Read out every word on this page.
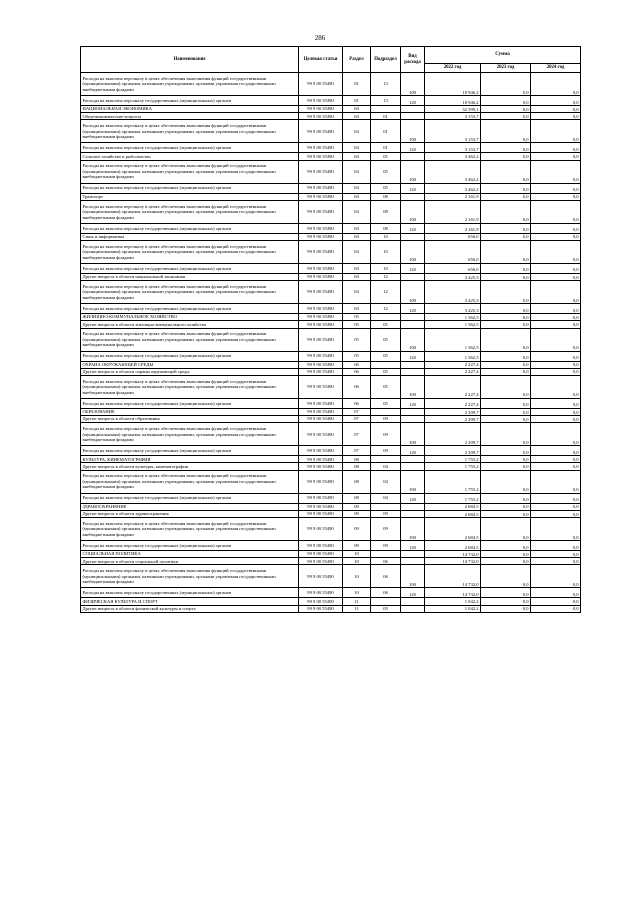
286
Наименование	Целевая статья	Раздел	Подраздел	Вид расхода	Сумма		
					2022 год	2023 год	2024 год
Расходы на выплаты персоналу в целях обеспечения выполнения функций государственными (муниципальными) органами, казенными учреждениями, органами управления государственными внебюджетными фондами	99 9 00 55490	01	13	100	10 946,2	0,0	0,0
Расходы на выплаты персоналу государственных (муниципальных) органов	99 9 00 55490	01	13	120	10 946,2	0,0	0,0
НАЦИОНАЛЬНАЯ ЭКОНОМИКА	99 9 00 55490	04			32 599,1	0,0	0,0
Общеэкономические вопросы	99 9 00 55490	04	01		3 153,7	0,0	0,0
Расходы на выплаты персоналу в целях обеспечения выполнения функций государственными (муниципальными) органами, казенными учреждениями, органами управления государственными внебюджетными фондами	99 9 00 55490	04	01	100	3 153,7	0,0	0,0
Расходы на выплаты персоналу государственных (муниципальных) органов	99 9 00 55490	04	01	120	3 153,7	0,0	0,0
Сельское хозяйство и рыболовство	99 9 00 55490	04	05		3 462,2	0,0	0,0
Расходы на выплаты персоналу в целях обеспечения выполнения функций государственными (муниципальными) органами, казенными учреждениями, органами управления государственными внебюджетными фондами	99 9 00 55490	04	05	100	3 462,2	0,0	0,0
Расходы на выплаты персоналу государственных (муниципальных) органов	99 9 00 55490	04	05	120	3 462,2	0,0	0,0
Транспорт	99 9 00 55490	04	08		2 161,9	0,0	0,0
Расходы на выплаты персоналу в целях обеспечения выполнения функций государственными (муниципальными) органами, казенными учреждениями, органами управления государственными внебюджетными фондами	99 9 00 55490	04	08	100	2 161,9	0,0	0,0
Расходы на выплаты персоналу государственных (муниципальных) органов	99 9 00 55490	04	08	120	2 161,9	0,0	0,0
Связь и информатика	99 9 00 55490	04	10		656,0	0,0	0,0
Расходы на выплаты персоналу в целях обеспечения выполнения функций государственными (муниципальными) органами, казенными учреждениями, органами управления государственными внебюджетными фондами	99 9 00 55490	04	10	100	656,0	0,0	0,0
Расходы на выплаты персоналу государственных (муниципальных) органов	99 9 00 55490	04	10	120	656,0	0,0	0,0
Другие вопросы в области национальной экономики	99 9 00 55490	04	12		3 425,3	0,0	0,0
Расходы на выплаты персоналу в целях обеспечения выполнения функций государственными (муниципальными) органами, казенными учреждениями, органами управления государственными внебюджетными фондами	99 9 00 55490	04	12	100	3 425,3	0,0	0,0
Расходы на выплаты персоналу государственных (муниципальных) органов	99 9 00 55490	04	12	120	3 425,3	0,0	0,0
ЖИЛИЩНО-КОММУНАЛЬНОЕ ХОЗЯЙСТВО	99 9 00 55490	05			1 362,5	0,0	0,0
Другие вопросы в области жилищно-коммунального хозяйства	99 9 00 55490	05	05		1 362,5	0,0	0,0
Расходы на выплаты персоналу в целях обеспечения выполнения функций государственными (муниципальными) органами, казенными учреждениями, органами управления государственными внебюджетными фондами	99 9 00 55490	05	05	100	1 362,5	0,0	0,0
Расходы на выплаты персоналу государственных (муниципальных) органов	99 9 00 55490	05	05	120	1 362,5	0,0	0,0
ОХРАНА ОКРУЖАЮЩЕЙ СРЕДЫ	99 9 00 55490	06			2 227,4	0,0	0,0
Другие вопросы в области охраны окружающей среды	99 9 00 55490	06	05		2 227,4	0,0	0,0
Расходы на выплаты персоналу в целях обеспечения выполнения функций государственными (муниципальными) органами, казенными учреждениями, органами управления государственными внебюджетными фондами	99 9 00 55490	06	05	100	2 227,4	0,0	0,0
Расходы на выплаты персоналу государственных (муниципальных) органов	99 9 00 55490	06	05	120	2 227,4	0,0	0,0
ОБРАЗОВАНИЕ	99 9 00 55490	07			2 299,7	0,0	0,0
Другие вопросы в области образования	99 9 00 55490	07	09		2 299,7	0,0	0,0
Расходы на выплаты персоналу в целях обеспечения выполнения функций государственными (муниципальными) органами, казенными учреждениями, органами управления государственными внебюджетными фондами	99 9 00 55490	07	09	100	2 299,7	0,0	0,0
Расходы на выплаты персоналу государственных (муниципальных) органов	99 9 00 55490	07	09	120	2 299,7	0,0	0,0
КУЛЬТУРА, КИНЕМАТОГРАФИЯ	99 9 00 55490	08			1 755,2	0,0	0,0
Другие вопросы в области культуры, кинематографии	99 9 00 55490	08	04		1 755,2	0,0	0,0
Расходы на выплаты персоналу в целях обеспечения выполнения функций государственными (муниципальными) органами, казенными учреждениями, органами управления государственными внебюджетными фондами	99 9 00 55490	08	04	100	1 755,2	0,0	0,0
Расходы на выплаты персоналу государственных (муниципальных) органов	99 9 00 55490	08	04	120	1 755,2	0,0	0,0
ЗДРАВООХРАНЕНИЕ	99 9 00 55490	09			2 684,5	0,0	0,0
Другие вопросы в области здравоохранения	99 9 00 55490	09	09		2 684,5	0,0	0,0
Расходы на выплаты персоналу в целях обеспечения выполнения функций государственными (муниципальными) органами, казенными учреждениями, органами управления государственными внебюджетными фондами	99 9 00 55490	09	09	100	2 684,5	0,0	0,0
Расходы на выплаты персоналу государственных (муниципальных) органов	99 9 00 55490	09	09	120	2 684,5	0,0	0,0
СОЦИАЛЬНАЯ ПОЛИТИКА	99 9 00 55490	10			14 732,0	0,0	0,0
Другие вопросы в области социальной политики	99 9 00 55490	10	06		14 732,0	0,0	0,0
Расходы на выплаты персоналу в целях обеспечения выполнения функций государственными (муниципальными) органами, казенными учреждениями, органами управления государственными внебюджетными фондами	99 9 00 55490	10	06	100	14 732,0	0,0	0,0
Расходы на выплаты персоналу государственных (муниципальных) органов	99 9 00 55490	10	06	120	14 732,0	0,0	0,0
ФИЗИЧЕСКАЯ КУЛЬТУРА И СПОРТ	99 9 00 55490	11			1 042,2	0,0	0,0
Другие вопросы в области физической культуры и спорта	99 9 00 55490	11	05		1 042,2	0,0	0,0
